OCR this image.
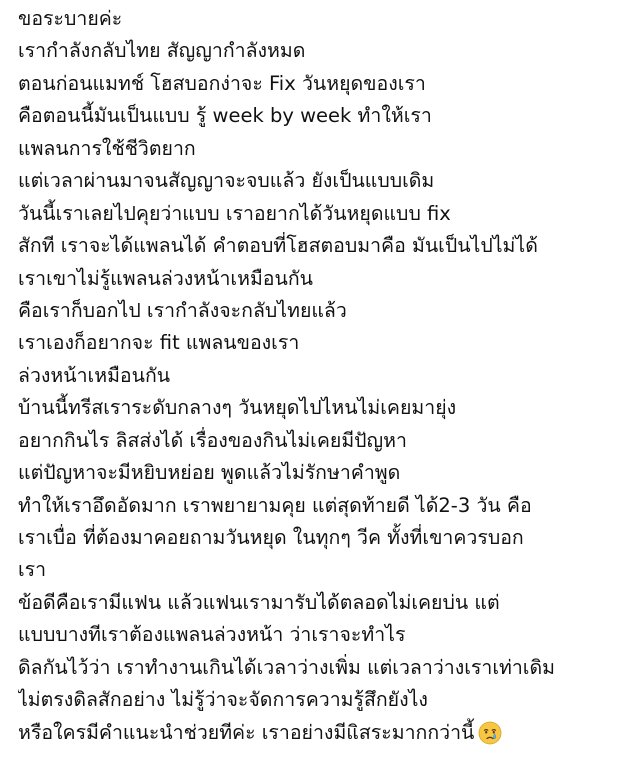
ขอระบายค่ะ
เรากำลังกลับไทย สัญญากำลังหมด
ตอนก่อนแมทช์ โฮสบอกง่าจะ Fix วันหยุดของเรา
คือตอนนี้มันเป็นแบบ รู้ week by week ทำให้เรา
แพลนการใช้ชีวิตยาก
แต่เวลาผ่านมาจนสัญญาจะจบแล้ว ยังเป็นแบบเดิม
วันนี้เราเลยไปคุยว่าแบบ เราอยากได้วันหยุดแบบ fix
สักที เราจะได้แพลนได้ คำตอบที่โฮสตอบมาคือ มันเป็นไปไม่ได้
เราเขาไม่รู้แพลนล่วงหน้าเหมือนกัน
คือเราก็บอกไป เรากำลังจะกลับไทยแล้ว
เราเองก็อยากจะ fit แพลนของเรา
ล่วงหน้าเหมือนกัน
บ้านนี้ทรีสเราระดับกลางๆ วันหยุดไปไหนไม่เคยมายุ่ง
อยากกินไร ลิสส่งได้ เรื่องของกินไม่เคยมีปัญหา
แต่ปัญหาจะมีหยิบหย่อย พูดแล้วไม่รักษาคำพูด
ทำให้เราอึดอัดมาก เราพยายามคุย แต่สุดท้ายดี ได้2-3 วัน คือ
เราเบื่อ ที่ต้องมาคอยถามวันหยุด ในทุกๆ วีค ทั้งที่เขาควรบอก
เรา
ข้อดีคือเรามีแฟน แล้วแฟนเรามารับได้ตลอดไม่เคยบ่น แต่
แบบบางทีเราต้องแพลนล่วงหน้า ว่าเราจะทำไร
ดิลกันไว้ว่า เราทำงานเกินได้เวลาว่างเพิ่ม แต่เวลาว่างเราเท่าเดิม
ไม่ตรงดิลสักอย่าง ไม่รู้ว่าจะจัดการความรู้สึกยังไง
หรือใครมีคำแนะนำช่วยทีค่ะ เราอย่างมีแิสระมากกว่านี้
